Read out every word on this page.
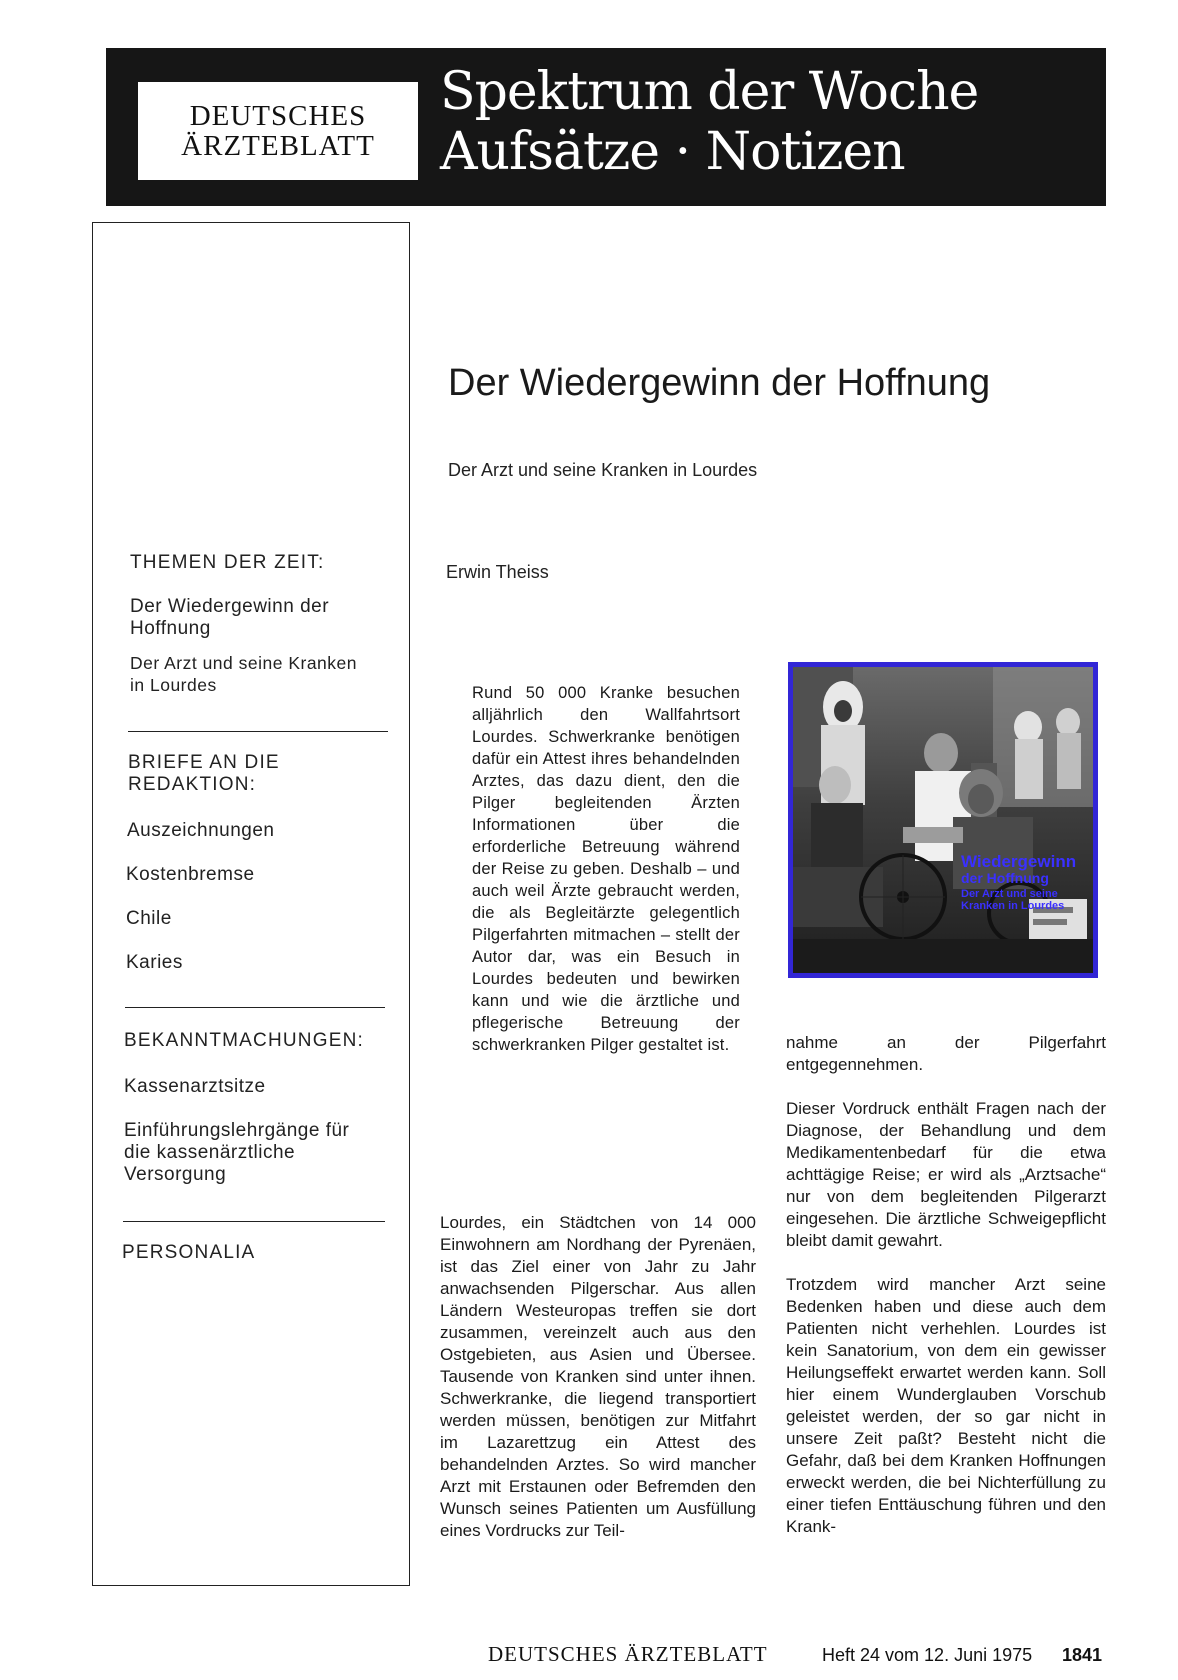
DEUTSCHES
ÄRZTEBLATT
Spektrum der Woche
Aufsätze · Notizen
THEMEN DER ZEIT:
Der Wiedergewinn der Hoffnung
Der Arzt und seine Kranken in Lourdes
BRIEFE AN DIE REDAKTION:
Auszeichnungen
Kostenbremse
Chile
Karies
BEKANNTMACHUNGEN:
Kassenarztsitze
Einführungslehrgänge für die kassenärztliche Versorgung
PERSONALIA
Der Wiedergewinn der Hoffnung
Der Arzt und seine Kranken in Lourdes
Erwin Theiss

Rund 50 000 Kranke besuchen alljährlich den Wallfahrtsort Lourdes. Schwerkranke benötigen dafür ein Attest ihres behandelnden Arztes, das dazu dient, den die Pilger begleitenden Ärzten Informationen über die erforderliche Betreuung während der Reise zu geben. Deshalb – und auch weil Ärzte gebraucht werden, die als Begleitärzte gelegentlich Pilgerfahrten mitmachen – stellt der Autor dar, was ein Besuch in Lourdes bedeuten und bewirken kann und wie die ärztliche und pflegerische Betreuung der schwerkranken Pilger gestaltet ist.

Wiedergewinn
der Hoffnung
Der Arzt und seine
Kranken in Lourdes

Lourdes, ein Städtchen von 14 000 Einwohnern am Nordhang der Pyrenäen, ist das Ziel einer von Jahr zu Jahr anwachsenden Pilgerschar. Aus allen Ländern Westeuropas treffen sie dort zusammen, vereinzelt auch aus den Ostgebieten, aus Asien und Übersee. Tausende von Kranken sind unter ihnen. Schwerkranke, die liegend transportiert werden müssen, benötigen zur Mitfahrt im Lazarettzug ein Attest des behandelnden Arztes. So wird mancher Arzt mit Erstaunen oder Befremden den Wunsch seines Patienten um Ausfüllung eines Vordrucks zur Teil-

nahme an der Pilgerfahrt entgegennehmen.

Dieser Vordruck enthält Fragen nach der Diagnose, der Behandlung und dem Medikamentenbedarf für die etwa achttägige Reise; er wird als „Arztsache“ nur von dem begleitenden Pilgerarzt eingesehen. Die ärztliche Schweigepflicht bleibt damit gewahrt.

Trotzdem wird mancher Arzt seine Bedenken haben und diese auch dem Patienten nicht verhehlen. Lourdes ist kein Sanatorium, von dem ein gewisser Heilungseffekt erwartet werden kann. Soll hier einem Wunderglauben Vorschub geleistet werden, der so gar nicht in unsere Zeit paßt? Besteht nicht die Gefahr, daß bei dem Kranken Hoffnungen erweckt werden, die bei Nichterfüllung zu einer tiefen Enttäuschung führen und den Krank-

DEUTSCHES ÄRZTEBLATT	Heft 24 vom 12. Juni 1975 1841
